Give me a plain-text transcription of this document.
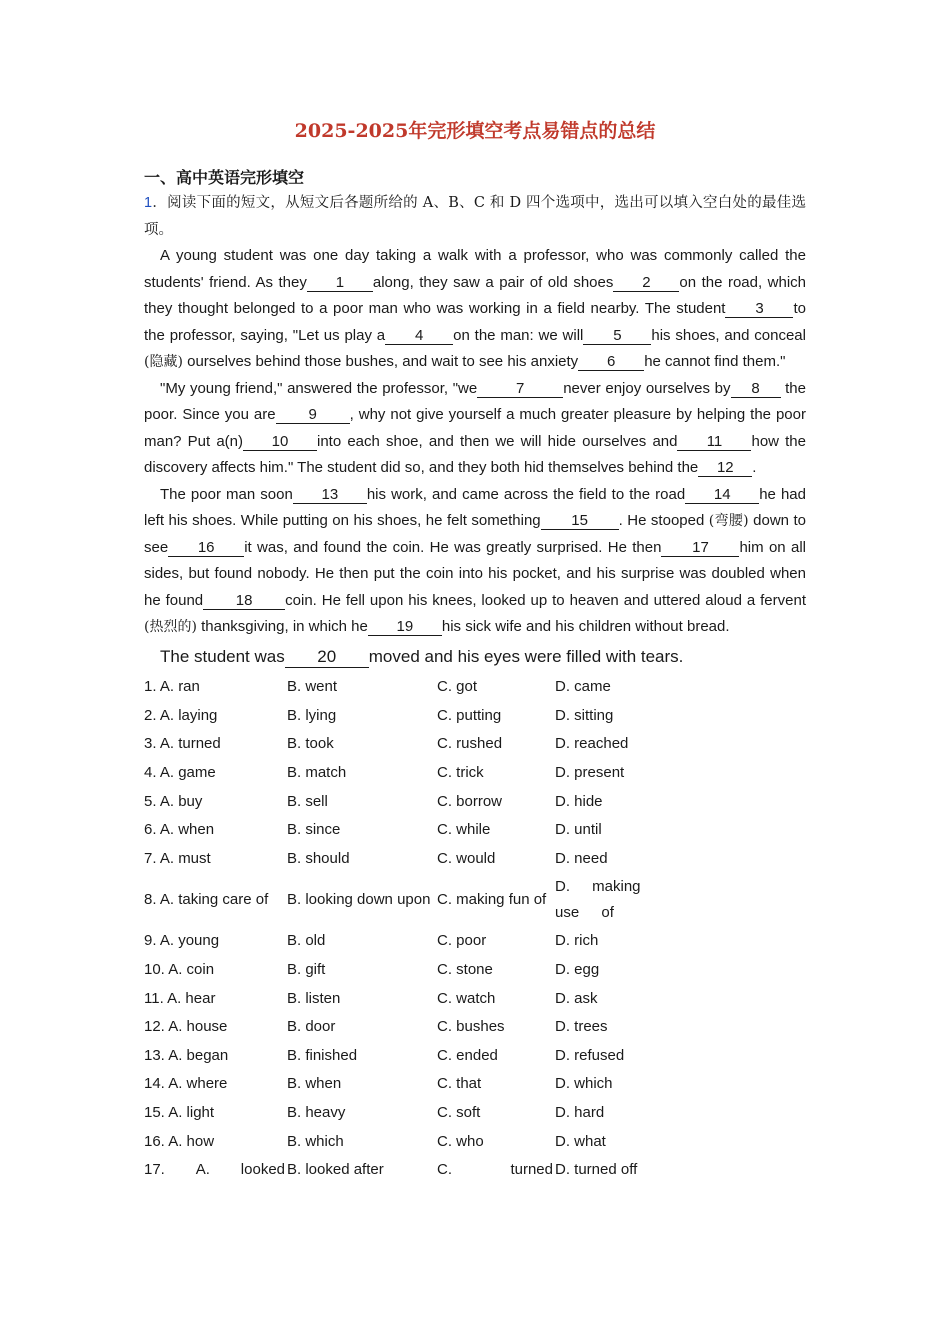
2025-2025年完形填空考点易错点的总结

一、高中英语完形填空

1．阅读下面的短文，从短文后各题所给的 A、B、C 和 D 四个选项中，选出可以填入空白处的最佳选项。

A young student was one day taking a walk with a professor, who was commonly called the students' friend. As they 1 along, they saw a pair of old shoes 2 on the road, which they thought belonged to a poor man who was working in a field nearby. The student 3 to the professor, saying, "Let us play a 4 on the man: we will 5 his shoes, and conceal (隐藏) ourselves behind those bushes, and wait to see his anxiety 6 he cannot find them."

"My young friend," answered the professor, "we	7	never enjoy ourselves by 8 the poor. Since you are 9 , why not give yourself a much greater pleasure by helping the poor man? Put a(n) 10 into each shoe, and then we will hide ourselves and 11 how the discovery affects him." The student did so, and they both hid themselves behind the 12 .

The poor man soon 13 his work, and came across the field to the road 14 he had left his shoes. While putting on his shoes, he felt something 15 . He stooped (弯腰) down to see 16 it was, and found the coin. He was greatly surprised. He then 17 him on all sides, but found nobody. He then put the coin into his pocket, and his surprise was doubled when he found 18 coin. He fell upon his knees, looked up to heaven and uttered aloud a fervent (热烈的) thanksgiving, in which he 19 his sick wife and his children without bread.

The student was 20 moved and his eyes were filled with tears.

1. A. ran	B. went	C. got	D. came
2. A. laying	B. lying	C. putting	D. sitting
3. A. turned	B. took	C. rushed	D. reached
4. A. game	B. match	C. trick	D. present
5. A. buy	B. sell	C. borrow	D. hide
6. A. when	B. since	C. while	D. until
7. A. must	B. should	C. would	D. need
8. A. taking care of	B. looking down upon C. making fun of
D. making use of
9. A. young	B. old	C. poor	D. rich
10. A. coin	B. gift	C. stone	D. egg
11. A. hear	B. listen	C. watch	D. ask
12. A. house	B. door	C. bushes	D. trees
13. A. began	B. finished	C. ended	D. refused
14. A. where	B. when	C. that	D. which
15. A. light	B. heavy	C. soft	D. hard
16. A. how	B. which	C. who	D. what
17. A. looked B. looked after	C.	turned D. turned off
